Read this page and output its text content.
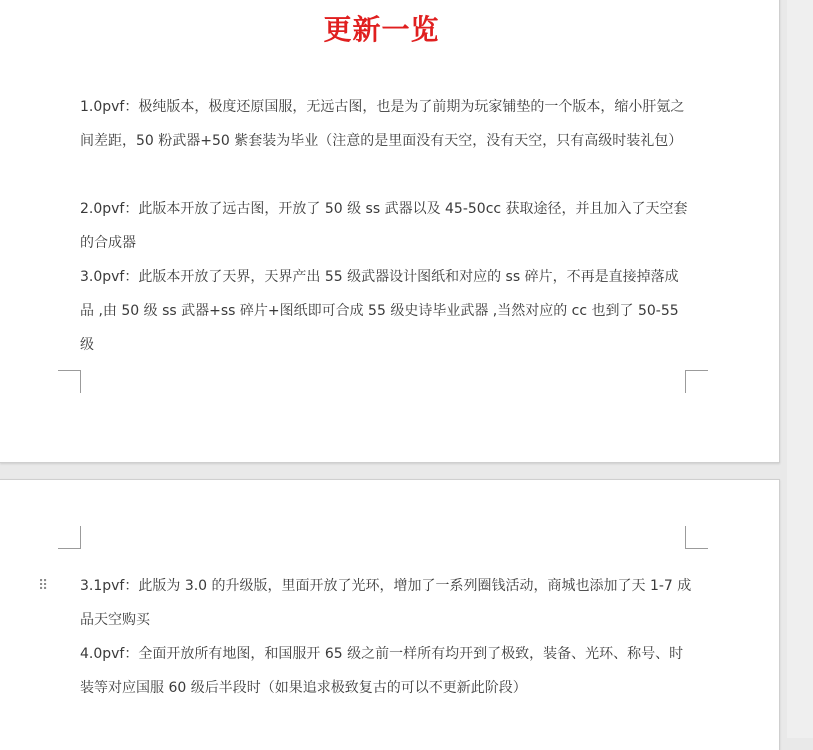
更新一览

1.0pvf：极纯版本，极度还原国服，无远古图，也是为了前期为玩家铺垫的一个版本，缩小肝氪之间差距，50 粉武器+50 紫套装为毕业（注意的是里面没有天空，没有天空，只有高级时装礼包）

2.0pvf：此版本开放了远古图，开放了 50 级 ss 武器以及 45-50cc 获取途径，并且加入了天空套的合成器

3.0pvf：此版本开放了天界，天界产出 55 级武器设计图纸和对应的 ss 碎片，不再是直接掉落成品 ,由 50 级 ss 武器+ss 碎片+图纸即可合成 55 级史诗毕业武器 ,当然对应的 cc 也到了 50-55 级

⠿ 3.1pvf：此版为 3.0 的升级版，里面开放了光环，增加了一系列圈钱活动，商城也添加了天 1-7 成品天空购买

4.0pvf：全面开放所有地图，和国服开 65 级之前一样所有均开到了极致，装备、光环、称号、时装等对应国服 60 级后半段时（如果追求极致复古的可以不更新此阶段）
